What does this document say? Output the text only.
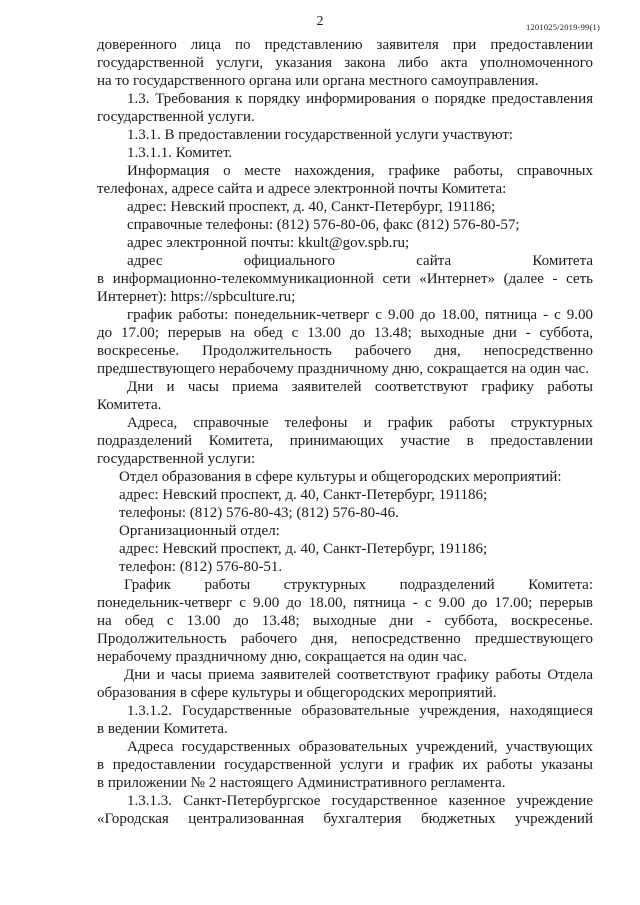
2	1201025/2019-99(1)

доверенного лица по представлению заявителя при предоставлении

государственной услуги, указания закона либо акта уполномоченного

на то государственного органа или органа местного самоуправления.

1.3. Требования к порядку информирования о порядке предоставления

государственной услуги.

1.3.1. В предоставлении государственной услуги участвуют:

1.3.1.1. Комитет.

Информация о месте нахождения, графике работы, справочных

телефонах, адресе сайта и адресе электронной почты Комитета:

адрес: Невский проспект, д. 40, Санкт-Петербург, 191186;

справочные телефоны: (812) 576-80-06, факс (812) 576-80-57;

адрес электронной почты: kkult@gov.spb.ru;

адрес официального сайта Комитета

в информационно-телекоммуникационной сети «Интернет» (далее - сеть

Интернет): https://spbculture.ru;

график работы: понедельник-четверг с 9.00 до 18.00, пятница - с 9.00

до 17.00; перерыв на обед с 13.00 до 13.48; выходные дни - суббота,

воскресенье. Продолжительность рабочего дня, непосредственно

предшествующего нерабочему праздничному дню, сокращается на один час.

Дни и часы приема заявителей соответствуют графику работы Комитета.

Адреса, справочные телефоны и график работы структурных

подразделений Комитета, принимающих участие в предоставлении

государственной услуги:

Отдел образования в сфере культуры и общегородских мероприятий:

адрес: Невский проспект, д. 40, Санкт-Петербург, 191186;

телефоны: (812) 576-80-43; (812) 576-80-46.

Организационный отдел:

адрес: Невский проспект, д. 40, Санкт-Петербург, 191186;

телефон: (812) 576-80-51.

График работы структурных подразделений Комитета:

понедельник-четверг с 9.00 до 18.00, пятница - с 9.00 до 17.00; перерыв

на обед с 13.00 до 13.48; выходные дни - суббота, воскресенье.

Продолжительность рабочего дня, непосредственно предшествующего

нерабочему праздничному дню, сокращается на один час.

Дни и часы приема заявителей соответствуют графику работы Отдела

образования в сфере культуры и общегородских мероприятий.

1.3.1.2. Государственные образовательные учреждения, находящиеся

в ведении Комитета.

Адреса государственных образовательных учреждений, участвующих

в предоставлении государственной услуги и график их работы указаны

в приложении № 2 настоящего Административного регламента.

1.3.1.3. Санкт-Петербургское государственное казенное учреждение

«Городская централизованная бухгалтерия бюджетных учреждений
